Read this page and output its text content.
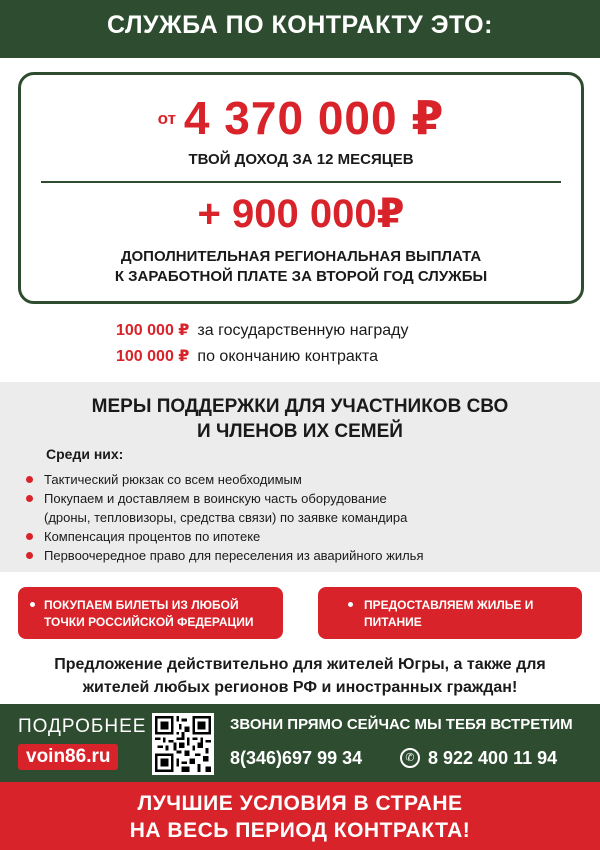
СЛУЖБА ПО КОНТРАКТУ ЭТО:
от 4 370 000 ₽
ТВОЙ ДОХОД ЗА 12 МЕСЯЦЕВ
+ 900 000₽
ДОПОЛНИТЕЛЬНАЯ РЕГИОНАЛЬНАЯ ВЫПЛАТА
К ЗАРАБОТНОЙ ПЛАТЕ ЗА ВТОРОЙ ГОД СЛУЖБЫ
100 000 ₽ за государственную награду
100 000 ₽ по окончанию контракта
МЕРЫ ПОДДЕРЖКИ ДЛЯ УЧАСТНИКОВ СВО
И ЧЛЕНОВ ИХ СЕМЕЙ
Среди них:
Тактический рюкзак со всем необходимым
Покупаем и доставляем в воинскую часть оборудование
(дроны, тепловизоры, средства связи) по заявке командира
Компенсация процентов по ипотеке
Первоочередное право для переселения из аварийного жилья
ПОКУПАЕМ БИЛЕТЫ ИЗ ЛЮБОЙ
ТОЧКИ РОССИЙСКОЙ ФЕДЕРАЦИИ
ПРЕДОСТАВЛЯЕМ ЖИЛЬЕ И
ПИТАНИЕ
Предложение действительно для жителей Югры, а также для
жителей любых регионов РФ и иностранных граждан!
ПОДРОБНЕЕ
voin86.ru
ЗВОНИ ПРЯМО СЕЙЧАС МЫ ТЕБЯ ВСТРЕТИМ
8(346)697 99 34	✆ 8 922 400 11 94
ЛУЧШИЕ УСЛОВИЯ В СТРАНЕ
НА ВЕСЬ ПЕРИОД КОНТРАКТА!
